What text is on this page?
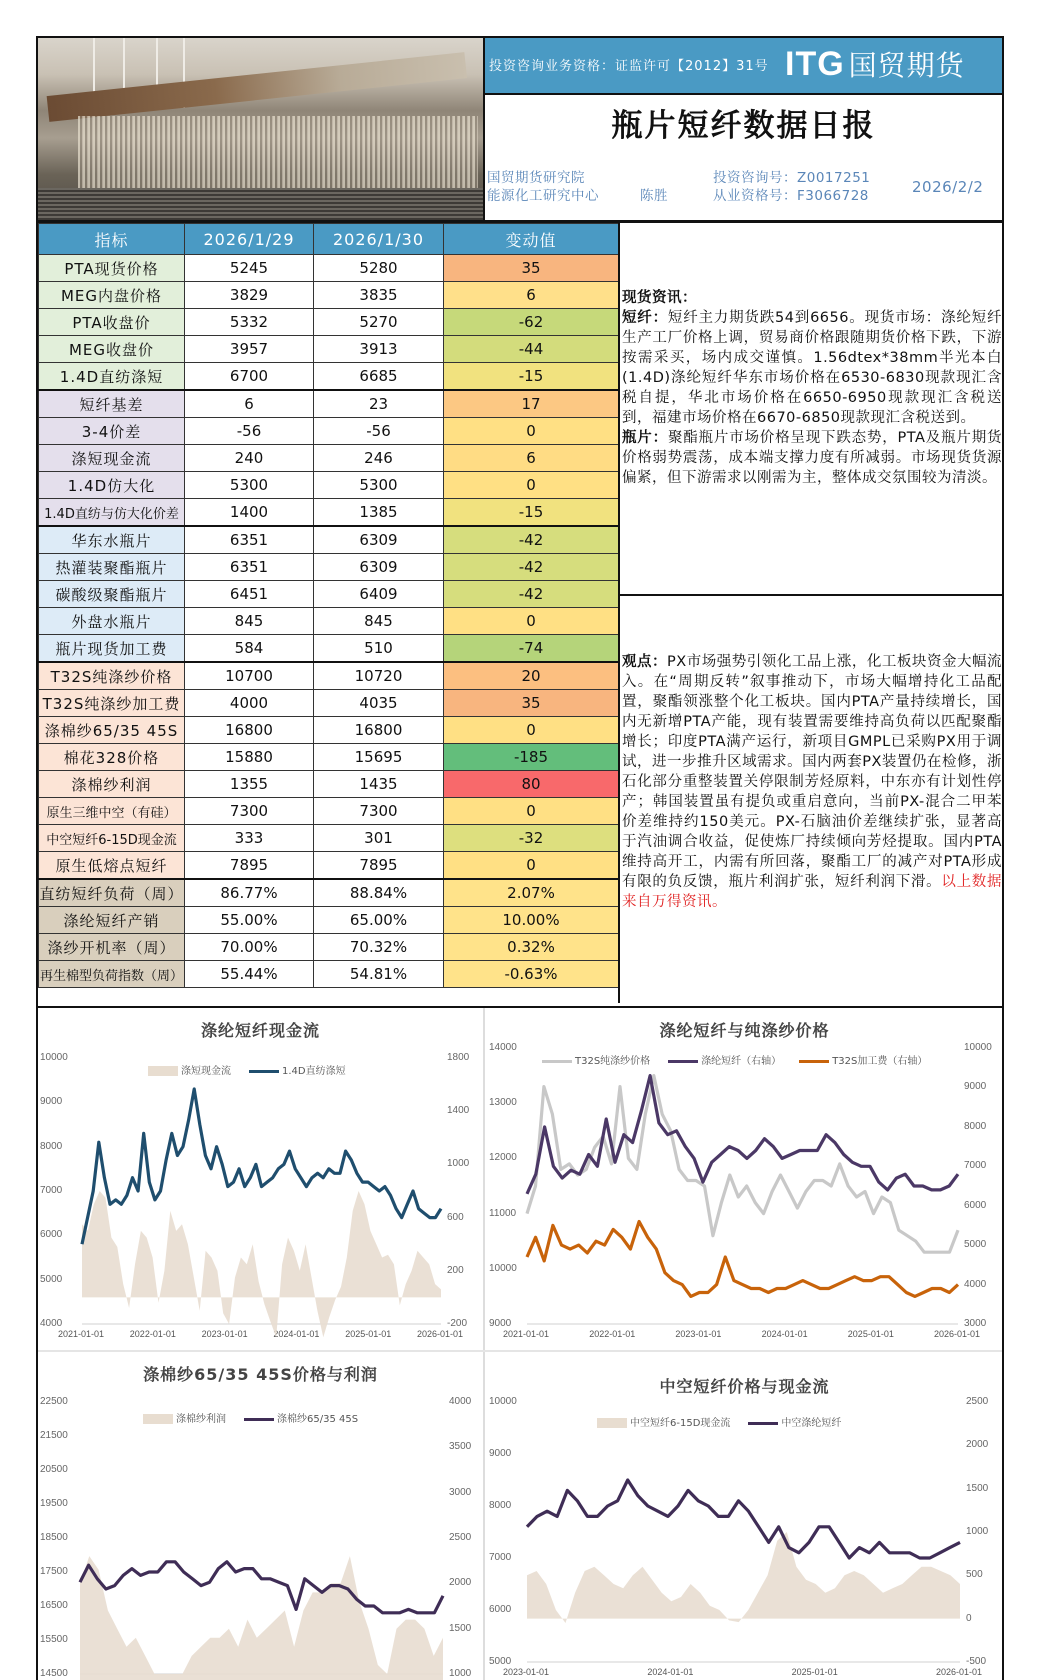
投资咨询业务资格：证监许可【2012】31号 ITG 国贸期货
瓶片短纤数据日报
国贸期货研究院
能源化工研究中心	陈胜
投资咨询号：Z0017251
从业资格号：F3066728	2026/2/2
指标	2026/1/29	2026/1/30	变动值
PTA现货价格	5245	5280	35
MEG内盘价格	3829	3835	6
PTA收盘价	5332	5270	-62
MEG收盘价	3957	3913	-44
1.4D直纺涤短	6700	6685	-15
短纤基差	6	23	17
3-4价差	-56	-56	0
涤短现金流	240	246	6
1.4D仿大化	5300	5300	0
1.4D直纺与仿大化价差	1400	1385	-15
华东水瓶片	6351	6309	-42
热灌装聚酯瓶片	6351	6309	-42
碳酸级聚酯瓶片	6451	6409	-42
外盘水瓶片	845	845	0
瓶片现货加工费	584	510	-74
T32S纯涤纱价格	10700	10720	20
T32S纯涤纱加工费	4000	4035	35
涤棉纱65/35 45S	16800	16800	0
棉花328价格	15880	15695	-185
涤棉纱利润	1355	1435	80
原生三维中空（有硅）	7300	7300	0
中空短纤6-15D现金流	333	301	-32
原生低熔点短纤	7895	7895	0
直纺短纤负荷（周）	86.77%	88.84%	2.07%
涤纶短纤产销	55.00%	65.00%	10.00%
涤纱开机率（周）	70.00%	70.32%	0.32%
再生棉型负荷指数（周）	55.44%	54.81%	-0.63%
现货资讯：
短纤：短纤主力期货跌54到6656。现货市场：涤纶短纤生产工厂价格上调，贸易商价格跟随期货价格下跌，下游按需采买，场内成交谨慎。1.56dtex*38mm半光本白(1.4D)涤纶短纤华东市场价格在6530-6830现款现汇含税自提，华北市场价格在6650-6950现款现汇含税送到，福建市场价格在6670-6850现款现汇含税送到。
瓶片：聚酯瓶片市场价格呈现下跌态势，PTA及瓶片期货价格弱势震荡，成本端支撑力度有所减弱。市场现货货源偏紧，但下游需求以刚需为主，整体成交氛围较为清淡。
观点：PX市场强势引领化工品上涨，化工板块资金大幅流入。在“周期反转”叙事推动下，市场大幅增持化工品配置，聚酯领涨整个化工板块。国内PTA产量持续增长，国内无新增PTA产能，现有装置需要维持高负荷以匹配聚酯增长；印度PTA满产运行，新项目GMPL已采购PX用于调试，进一步推升区域需求。国内两套PX装置仍在检修，浙石化部分重整装置关停限制芳烃原料，中东亦有计划性停产；韩国装置虽有提负或重启意向，当前PX-混合二甲苯价差维持约150美元。PX-石脑油价差继续扩张，显著高于汽油调合收益，促使炼厂持续倾向芳烃提取。国内PTA维持高开工，内需有所回落，聚酯工厂的减产对PTA形成有限的负反馈，瓶片利润扩张，短纤利润下滑。以上数据来自万得资讯。
涤纶短纤现金流
10000
9000
8000
7000
6000
5000
4000
1800
1400
1000
600
200
-200
2021-01-01	2022-01-01	2023-01-01	2024-01-01	2025-01-01	2026-01-01
涤短现金流	1.4D直纺涤短
涤纶短纤与纯涤纱价格
14000
13000
12000
11000
10000
9000
10000
9000
8000
7000
6000
5000
4000
3000
2021-01-01	2022-01-01	2023-01-01	2024-01-01	2025-01-01	2026-01-01
T32S纯涤纱价格	涤纶短纤（右轴）	T32S加工费（右轴）
涤棉纱65/35 45S价格与利润
22500
21500
20500
19500
18500
17500
16500
15500
14500
4000
3500
3000
2500
2000
1500
1000
涤棉纱利润	涤棉纱65/35 45S
中空短纤价格与现金流
10000
9000
8000
7000
6000
5000
2500
2000
1500
1000
500
0
-500
2023-01-01	2024-01-01	2025-01-01	2026-01-01
中空短纤6-15D现金流	中空涤纶短纤
